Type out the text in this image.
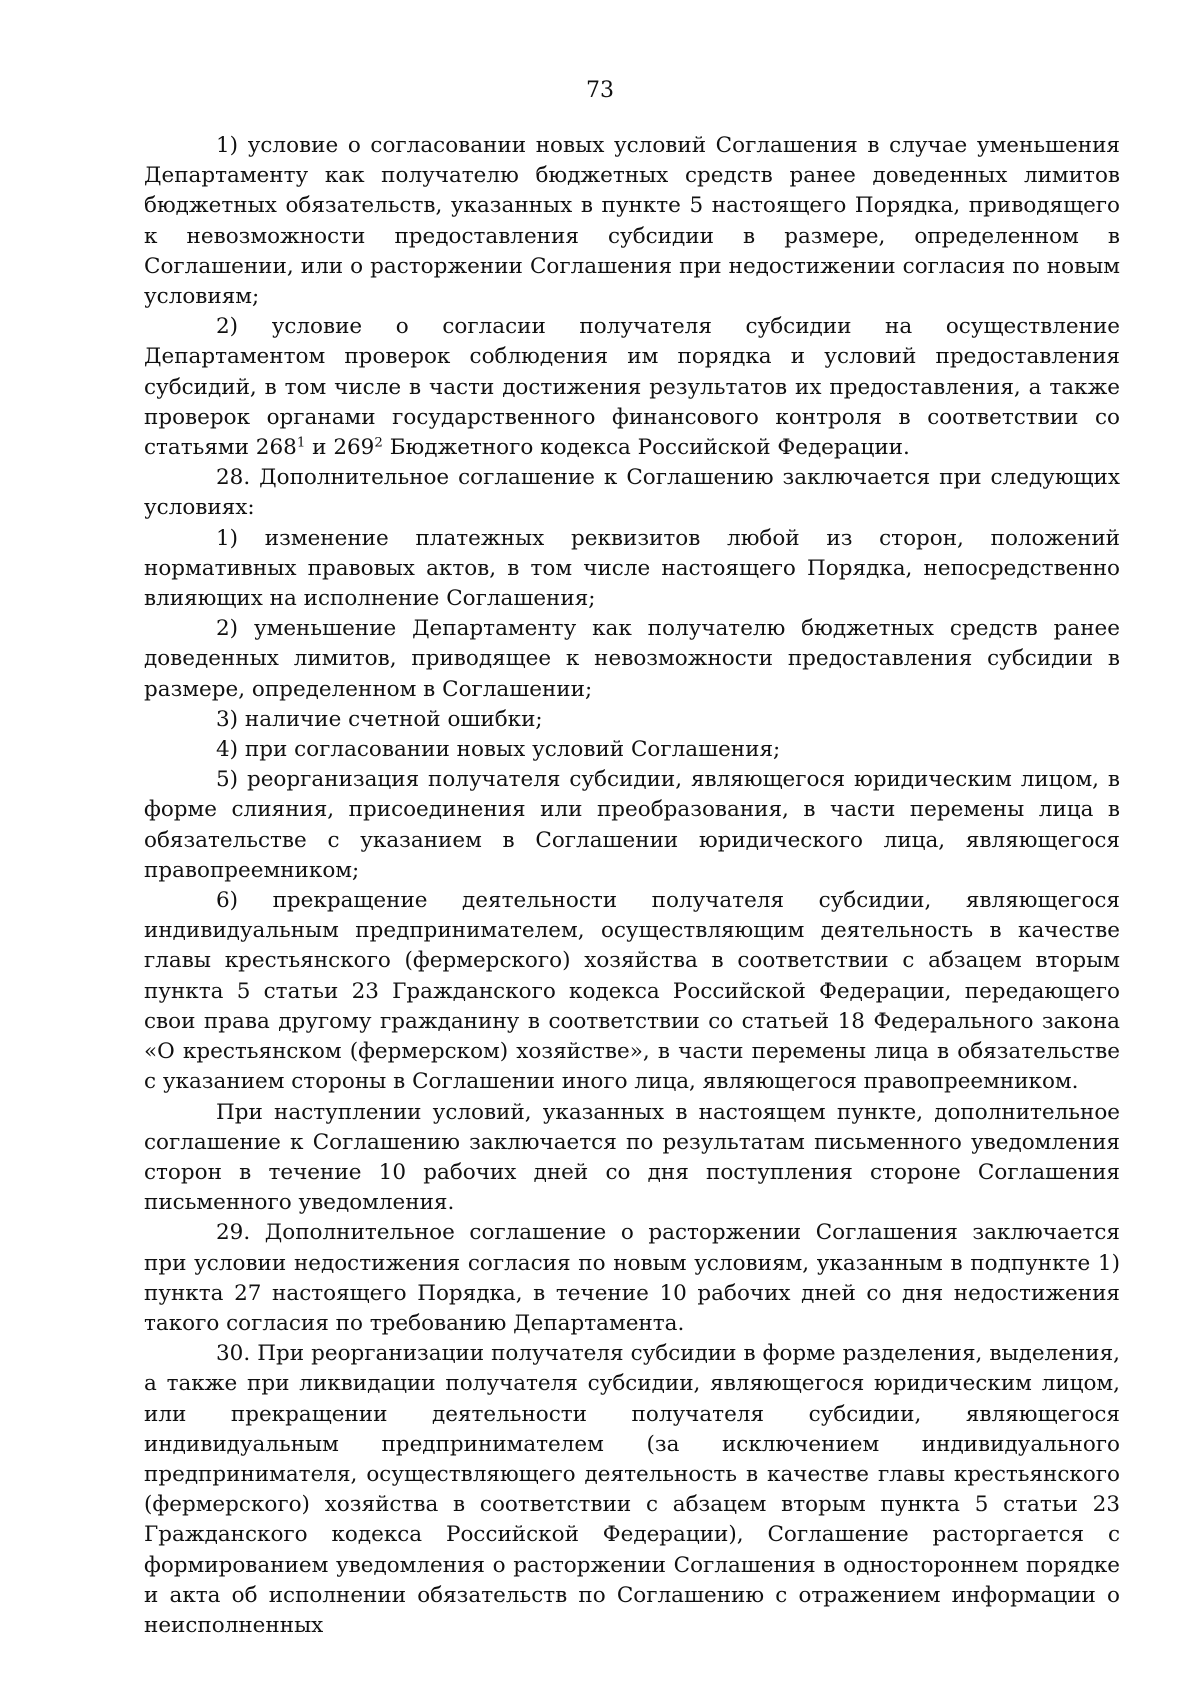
73

1) условие о согласовании новых условий Соглашения в случае уменьшения Департаменту как получателю бюджетных средств ранее доведенных лимитов бюджетных обязательств, указанных в пункте 5 настоящего Порядка, приводящего к невозможности предоставления субсидии в размере, определенном в Соглашении, или о расторжении Соглашения при недостижении согласия по новым условиям;

2) условие о согласии получателя субсидии на осуществление Департаментом проверок соблюдения им порядка и условий предоставления субсидий, в том числе в части достижения результатов их предоставления, а также проверок органами государственного финансового контроля в соответствии со статьями $268^1$ и $269^2$ Бюджетного кодекса Российской Федерации.

28. Дополнительное соглашение к Соглашению заключается при следующих условиях:

1) изменение платежных реквизитов любой из сторон, положений нормативных правовых актов, в том числе настоящего Порядка, непосредственно влияющих на исполнение Соглашения;

2) уменьшение Департаменту как получателю бюджетных средств ранее доведенных лимитов, приводящее к невозможности предоставления субсидии в размере, определенном в Соглашении;

3) наличие счетной ошибки;

4) при согласовании новых условий Соглашения;

5) реорганизация получателя субсидии, являющегося юридическим лицом, в форме слияния, присоединения или преобразования, в части перемены лица в обязательстве с указанием в Соглашении юридического лица, являющегося правопреемником;

6) прекращение деятельности получателя субсидии, являющегося индивидуальным предпринимателем, осуществляющим деятельность в качестве главы крестьянского (фермерского) хозяйства в соответствии с абзацем вторым пункта 5 статьи 23 Гражданского кодекса Российской Федерации, передающего свои права другому гражданину в соответствии со статьей 18 Федерального закона «О крестьянском (фермерском) хозяйстве», в части перемены лица в обязательстве с указанием стороны в Соглашении иного лица, являющегося правопреемником.

При наступлении условий, указанных в настоящем пункте, дополнительное соглашение к Соглашению заключается по результатам письменного уведомления сторон в течение 10 рабочих дней со дня поступления стороне Соглашения письменного уведомления.

29. Дополнительное соглашение о расторжении Соглашения заключается при условии недостижения согласия по новым условиям, указанным в подпункте 1) пункта 27 настоящего Порядка, в течение 10 рабочих дней со дня недостижения такого согласия по требованию Департамента.

30. При реорганизации получателя субсидии в форме разделения, выделения, а также при ликвидации получателя субсидии, являющегося юридическим лицом, или прекращении деятельности получателя субсидии, являющегося индивидуальным предпринимателем (за исключением индивидуального предпринимателя, осуществляющего деятельность в качестве главы крестьянского (фермерского) хозяйства в соответствии с абзацем вторым пункта 5 статьи 23 Гражданского кодекса Российской Федерации), Соглашение расторгается с формированием уведомления о расторжении Соглашения в одностороннем порядке и акта об исполнении обязательств по Соглашению с отражением информации о неисполненных
